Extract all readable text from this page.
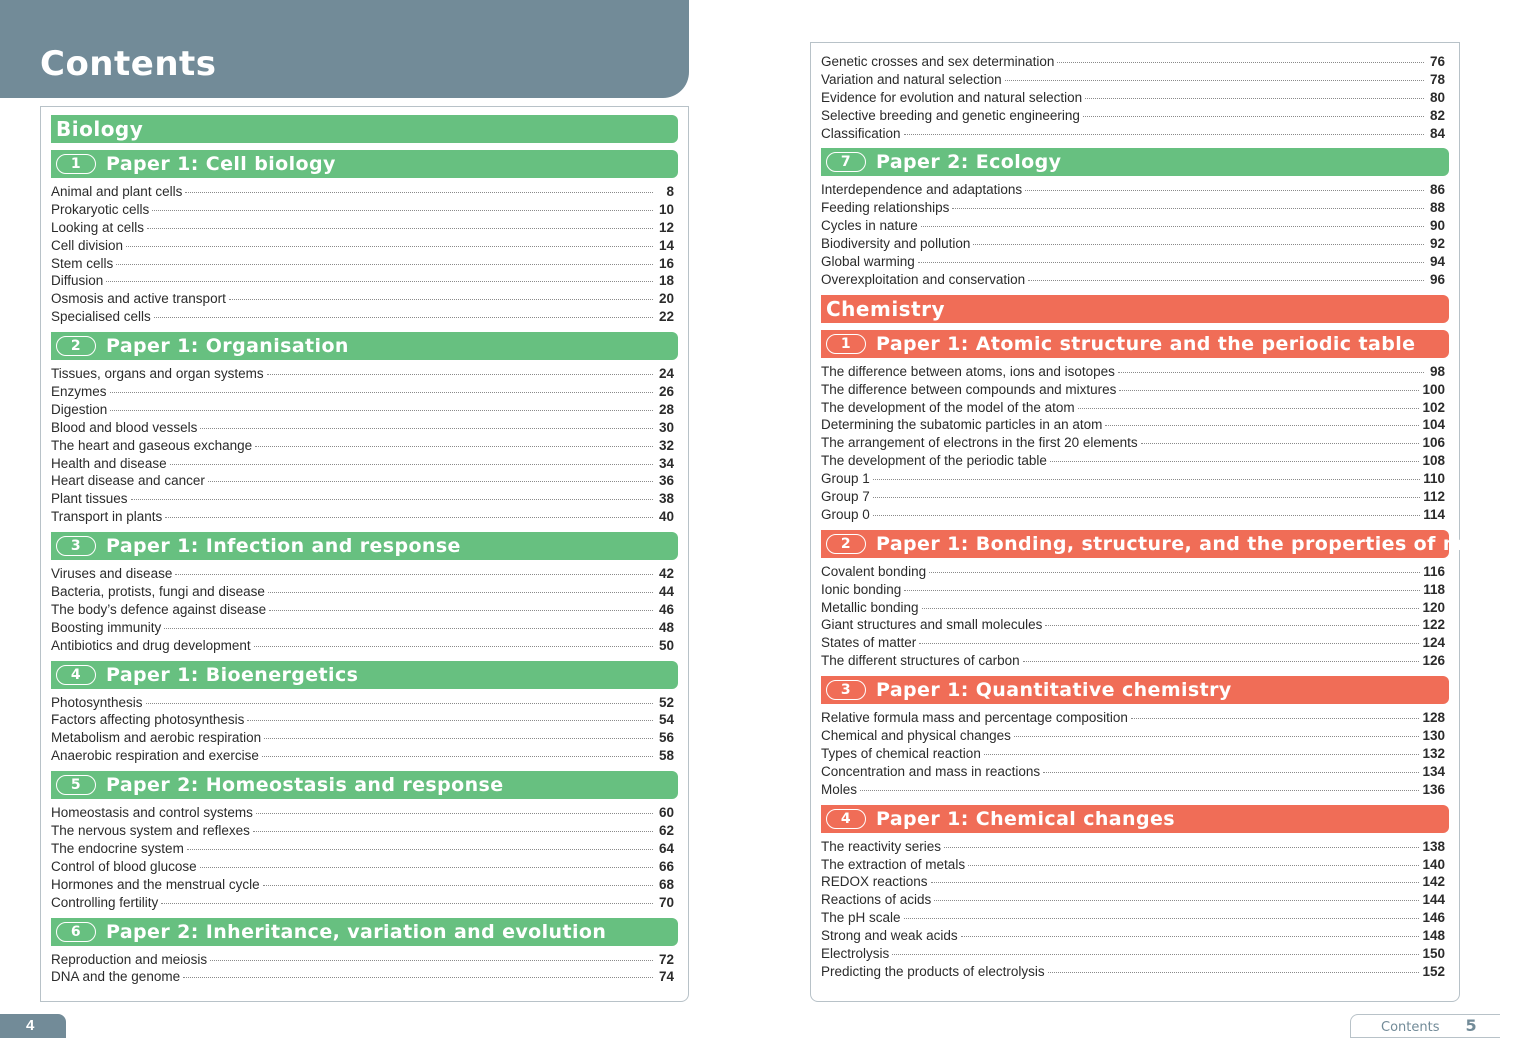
Contents
Biology
1	Paper 1: Cell biology
Animal and plant cells	8
Prokaryotic cells	10
Looking at cells	12
Cell division	14
Stem cells	16
Diffusion	18
Osmosis and active transport	20
Specialised cells	22
2	Paper 1: Organisation
Tissues, organs and organ systems	24
Enzymes	26
Digestion	28
Blood and blood vessels	30
The heart and gaseous exchange	32
Health and disease	34
Heart disease and cancer	36
Plant tissues	38
Transport in plants	40
3	Paper 1: Infection and response
Viruses and disease	42
Bacteria, protists, fungi and disease	44
The body’s defence against disease	46
Boosting immunity	48
Antibiotics and drug development	50
4	Paper 1: Bioenergetics
Photosynthesis	52
Factors affecting photosynthesis	54
Metabolism and aerobic respiration	56
Anaerobic respiration and exercise	58
5	Paper 2: Homeostasis and response
Homeostasis and control systems	60
The nervous system and reflexes	62
The endocrine system	64
Control of blood glucose	66
Hormones and the menstrual cycle	68
Controlling fertility	70
6	Paper 2: Inheritance, variation and evolution
Reproduction and meiosis	72
DNA and the genome	74
Genetic crosses and sex determination	76
Variation and natural selection	78
Evidence for evolution and natural selection	80
Selective breeding and genetic engineering	82
Classification	84
7	Paper 2: Ecology
Interdependence and adaptations	86
Feeding relationships	88
Cycles in nature	90
Biodiversity and pollution	92
Global warming	94
Overexploitation and conservation	96
Chemistry
1	Paper 1: Atomic structure and the periodic table
The difference between atoms, ions and isotopes	98
The difference between compounds and mixtures	100
The development of the model of the atom	102
Determining the subatomic particles in an atom	104
The arrangement of electrons in the first 20 elements	106
The development of the periodic table	108
Group 1	110
Group 7	112
Group 0	114
2	Paper 1: Bonding, structure, and the properties of matter
Covalent bonding	116
Ionic bonding	118
Metallic bonding	120
Giant structures and small molecules	122
States of matter	124
The different structures of carbon	126
3	Paper 1: Quantitative chemistry
Relative formula mass and percentage composition	128
Chemical and physical changes	130
Types of chemical reaction	132
Concentration and mass in reactions	134
Moles	136
4	Paper 1: Chemical changes
The reactivity series	138
The extraction of metals	140
REDOX reactions	142
Reactions of acids	144
The pH scale	146
Strong and weak acids	148
Electrolysis	150
Predicting the products of electrolysis	152
4	Contents 5
